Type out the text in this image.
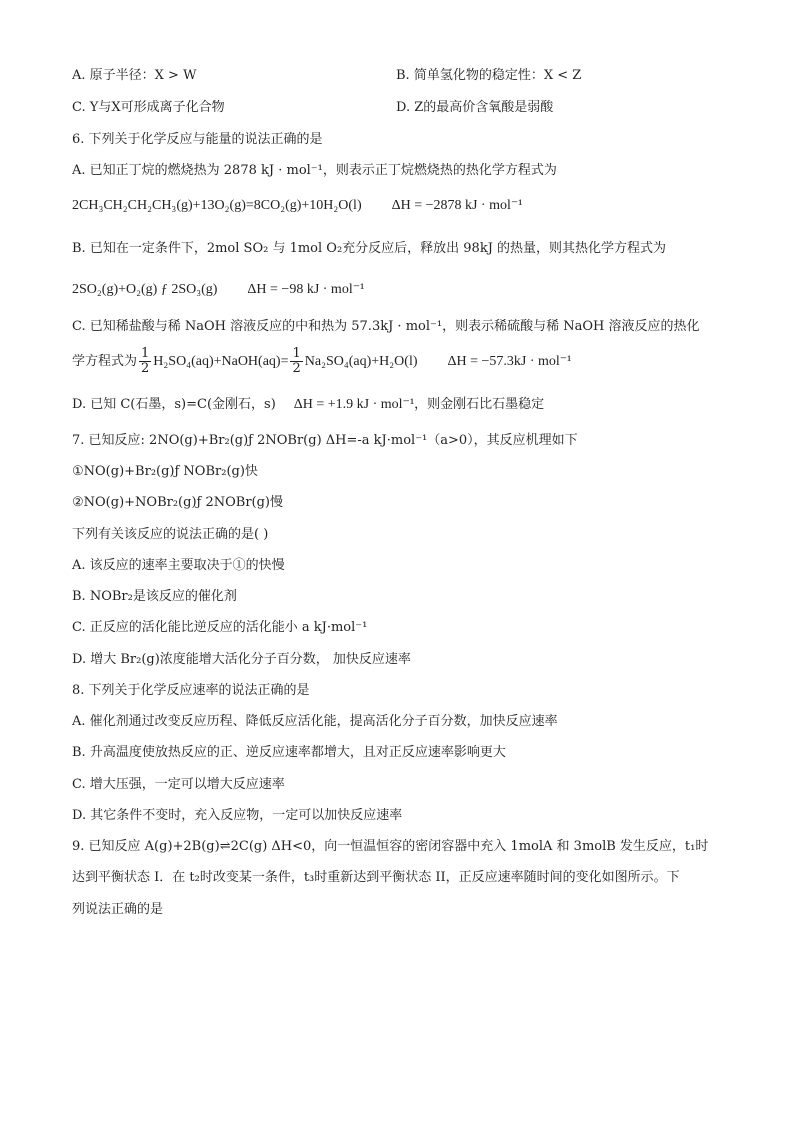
A. 原子半径：X > W	B. 简单氢化物的稳定性：X < Z
C. Y与X可形成离子化合物	D. Z的最高价含氧酸是弱酸
6. 下列关于化学反应与能量的说法正确的是
A. 已知正丁烷的燃烧热为 2878 kJ · mol⁻¹，则表示正丁烷燃烧热的热化学方程式为
2CH₃CH₂CH₂CH₃(g)+13O₂(g)=8CO₂(g)+10H₂O(l) ΔH = −2878 kJ · mol⁻¹
B. 已知在一定条件下，2mol SO₂ 与 1mol O₂充分反应后，释放出 98kJ 的热量，则其热化学方程式为
2SO₂(g)+O₂(g) ƒ 2SO₃(g) ΔH = −98 kJ · mol⁻¹
C. 已知稀盐酸与稀 NaOH 溶液反应的中和热为 57.3kJ · mol⁻¹，则表示稀硫酸与稀 NaOH 溶液反应的热化
学方程式为 $\frac{1}{2}$ H₂SO₄(aq)+NaOH(aq)= $\frac{1}{2} Na_2SO_4(aq)+H_2O(l) \Delta H = -57.3kJ \cdot mol^{-1}$
D. 已知 C(石墨，s)=C(金刚石，s) ΔH = +1.9 kJ · mol⁻¹，则金刚石比石墨稳定
7. 已知反应: 2NO(g)+Br₂(g)ƒ 2NOBr(g) ΔH=-a kJ·mol⁻¹（a>0），其反应机理如下
①NO(g)+Br₂(g)ƒ NOBr₂(g)快
②NO(g)+NOBr₂(g)ƒ 2NOBr(g)慢
下列有关该反应的说法正确的是( )
A. 该反应的速率主要取决于①的快慢
B. NOBr₂是该反应的催化剂
C. 正反应的活化能比逆反应的活化能小 a kJ·mol⁻¹
D. 增大 Br₂(g)浓度能增大活化分子百分数， 加快反应速率
8. 下列关于化学反应速率的说法正确的是
A. 催化剂通过改变反应历程、降低反应活化能，提高活化分子百分数，加快反应速率
B. 升高温度使放热反应的正、逆反应速率都增大，且对正反应速率影响更大
C. 增大压强，一定可以增大反应速率
D. 其它条件不变时，充入反应物，一定可以加快反应速率
9. 已知反应 A(g)+2B(g)⇌2C(g) ΔH<0，向一恒温恒容的密闭容器中充入 1molA 和 3molB 发生反应，t₁时
达到平衡状态 I．在 t₂时改变某一条件，t₃时重新达到平衡状态 II，正反应速率随时间的变化如图所示。下
列说法正确的是
